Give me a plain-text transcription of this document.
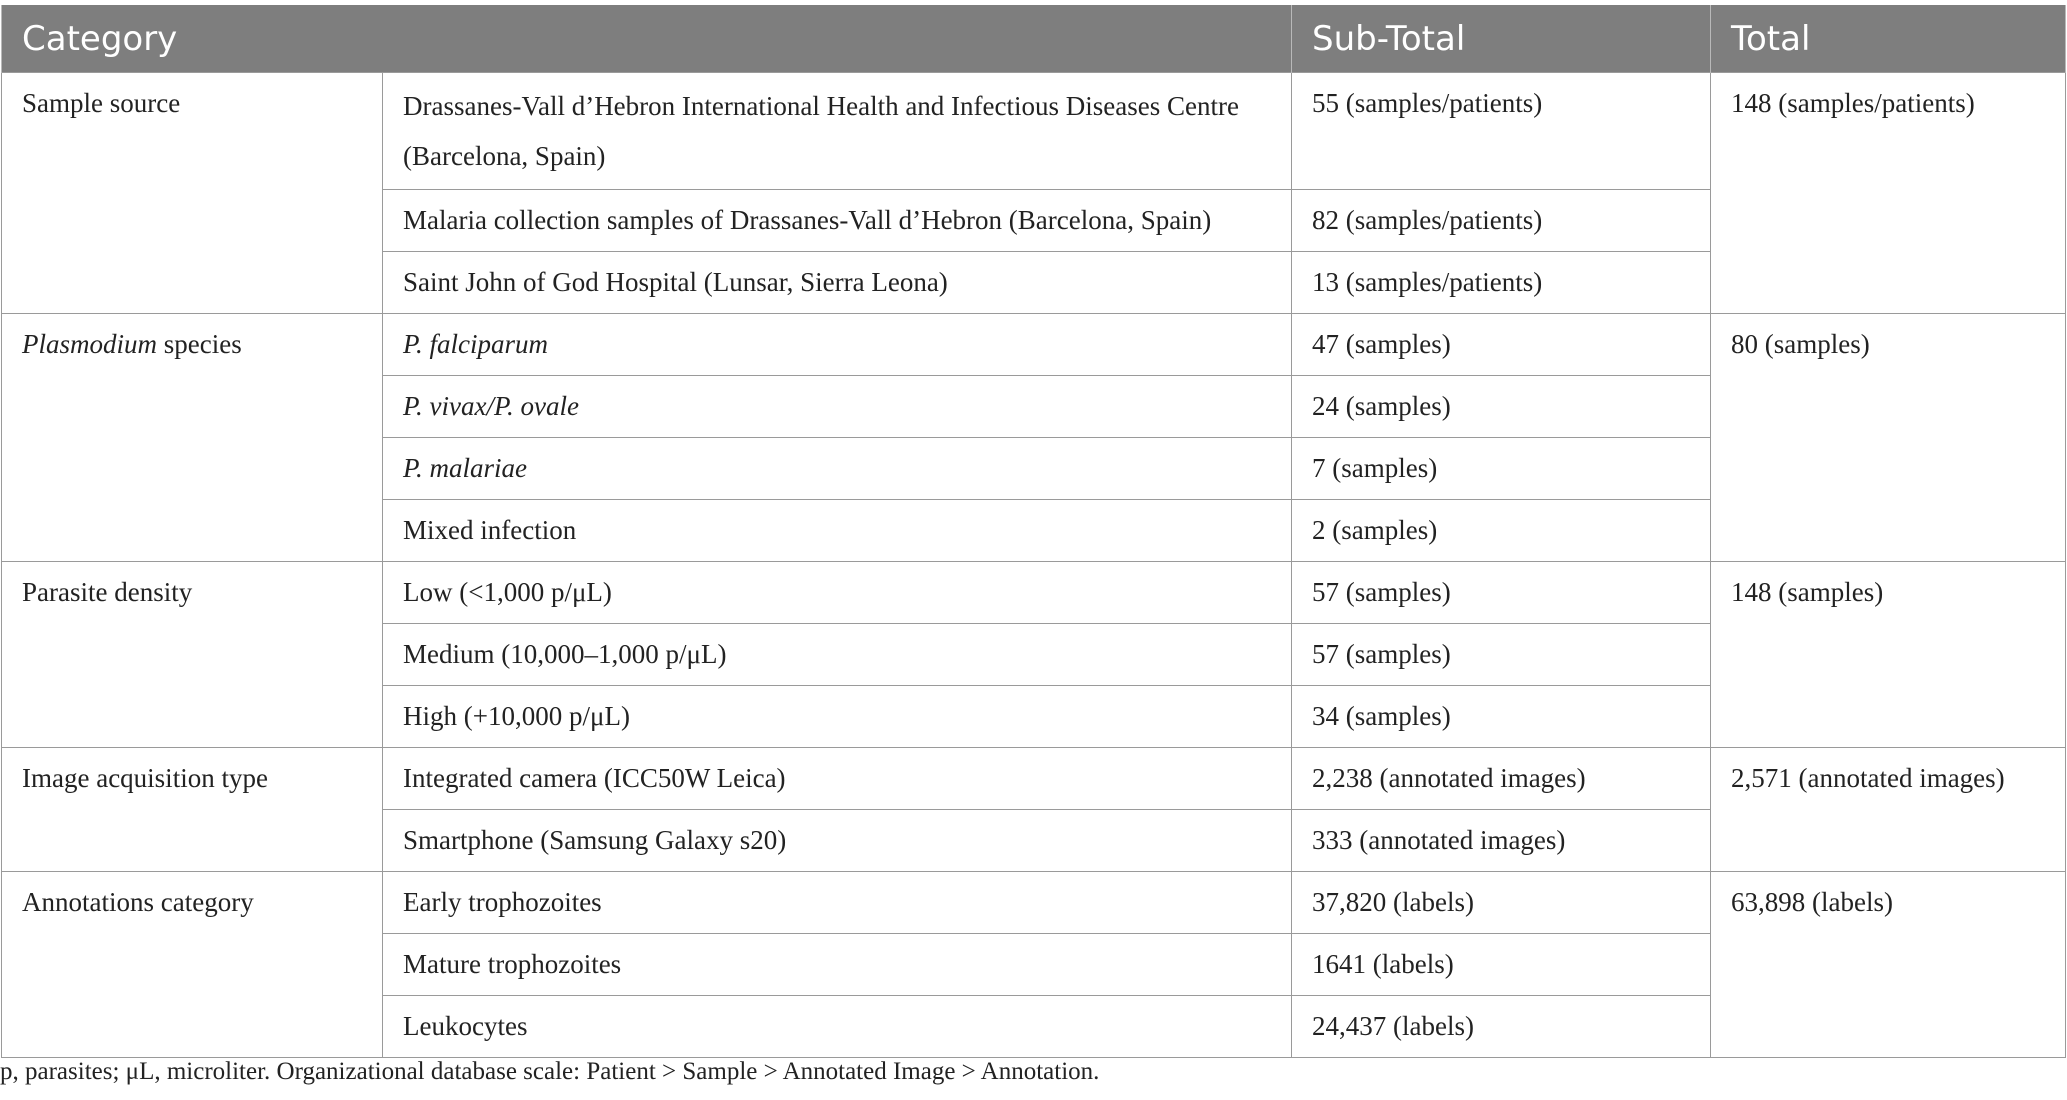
Category		Sub-Total	Total
Sample source	Drassanes-Vall d’Hebron International Health and Infectious Diseases Centre (Barcelona, Spain)	55 (samples/patients)	148 (samples/patients)
	Malaria collection samples of Drassanes-Vall d’Hebron (Barcelona, Spain)	82 (samples/patients)	
	Saint John of God Hospital (Lunsar, Sierra Leona)	13 (samples/patients)	
Plasmodium species	P. falciparum	47 (samples)	80 (samples)
	P. vivax/P. ovale	24 (samples)	
	P. malariae	7 (samples)	
	Mixed infection	2 (samples)	
Parasite density	Low (<1,000 p/μL)	57 (samples)	148 (samples)
	Medium (10,000–1,000 p/μL)	57 (samples)	
	High (+10,000 p/μL)	34 (samples)	
Image acquisition type	Integrated camera (ICC50W Leica)	2,238 (annotated images)	2,571 (annotated images)
	Smartphone (Samsung Galaxy s20)	333 (annotated images)	
Annotations category	Early trophozoites	37,820 (labels)	63,898 (labels)
	Mature trophozoites	1641 (labels)	
	Leukocytes	24,437 (labels)	
p, parasites; μL, microliter. Organizational database scale: Patient > Sample > Annotated Image > Annotation.
